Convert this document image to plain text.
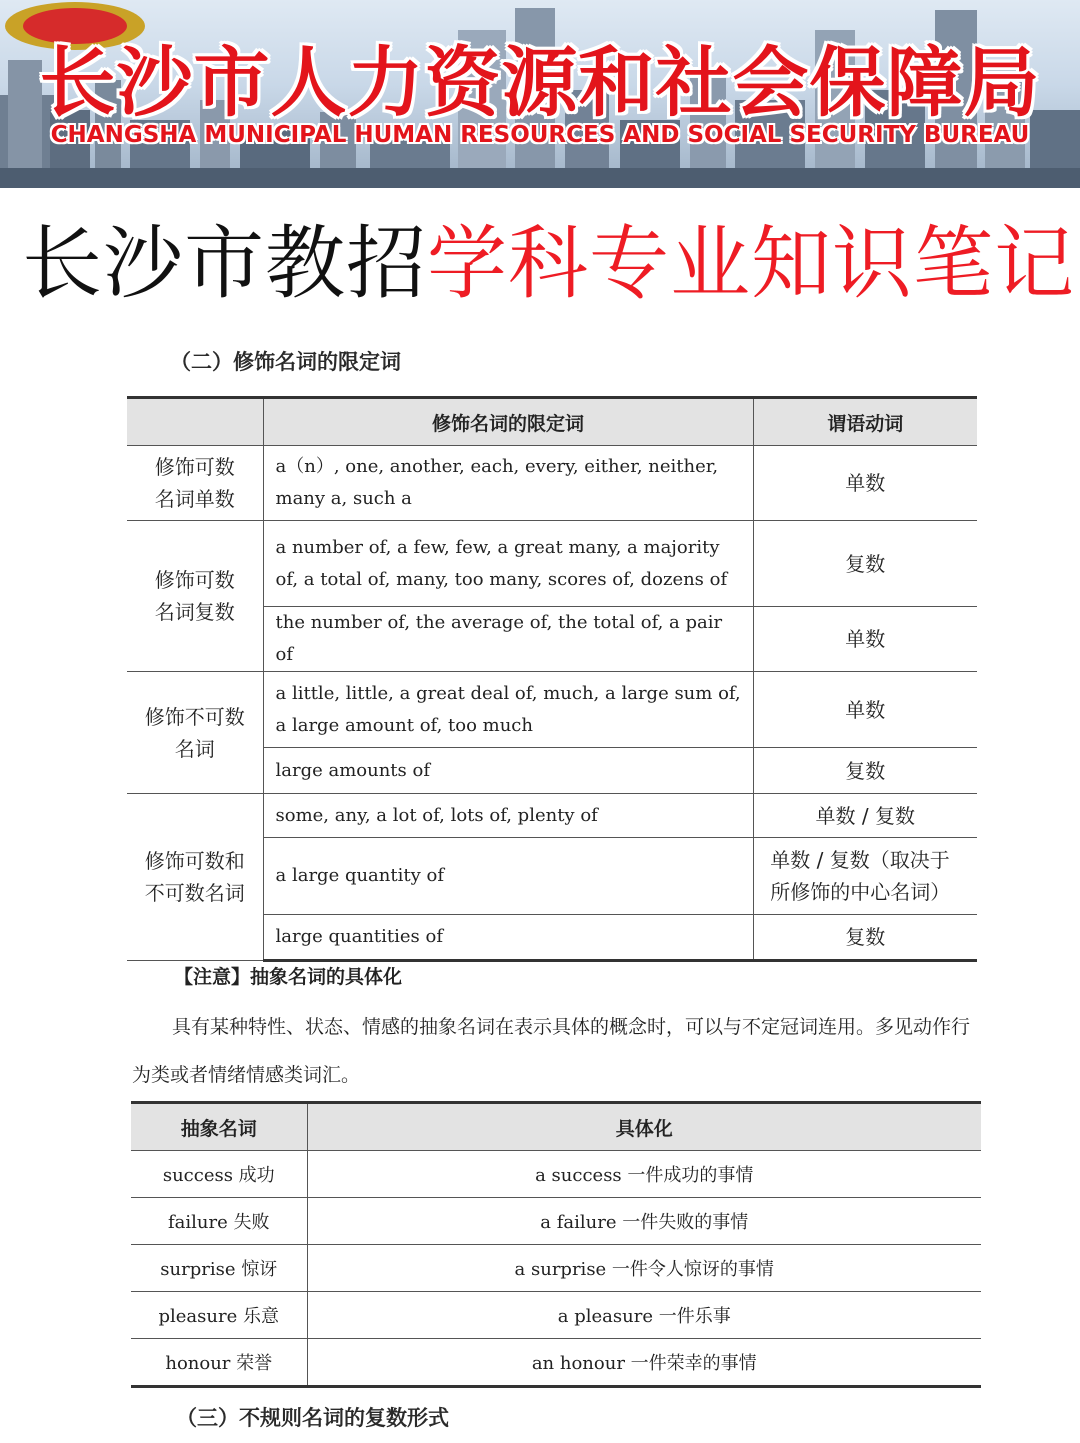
长沙市人力资源和社会保障局
CHANGSHA MUNICIPAL HUMAN RESOURCES AND SOCIAL SECURITY BUREAU
长沙市教招学科专业知识笔记
（二）修饰名词的限定词
	修饰名词的限定词	谓语动词

修饰可数名词单数	a（n）, one, another, each, every, either, neither, many a, such a	单数

修饰可数名词复数	a number of, a few, few, a great many, a majority of, a total of, many, too many, scores of, dozens of	复数
	the number of, the average of, the total of, a pair of	单数

修饰不可数名词	a little, little, a great deal of, much, a large sum of, a large amount of, too much	单数
	large amounts of	复数

修饰可数和不可数名词	some, any, a lot of, lots of, plenty of	单数 / 复数
	a large quantity of	单数 / 复数（取决于所修饰的中心名词）

	large quantities of	复数
【注意】抽象名词的具体化
具有某种特性、状态、情感的抽象名词在表示具体的概念时，可以与不定冠词连用。多见动作行为类或者情绪情感类词汇。
抽象名词	具体化
success 成功	a success 一件成功的事情
failure 失败	a failure 一件失败的事情
surprise 惊讶	a surprise 一件令人惊讶的事情
pleasure 乐意	a pleasure 一件乐事
honour 荣誉	an honour 一件荣幸的事情
（三）不规则名词的复数形式
